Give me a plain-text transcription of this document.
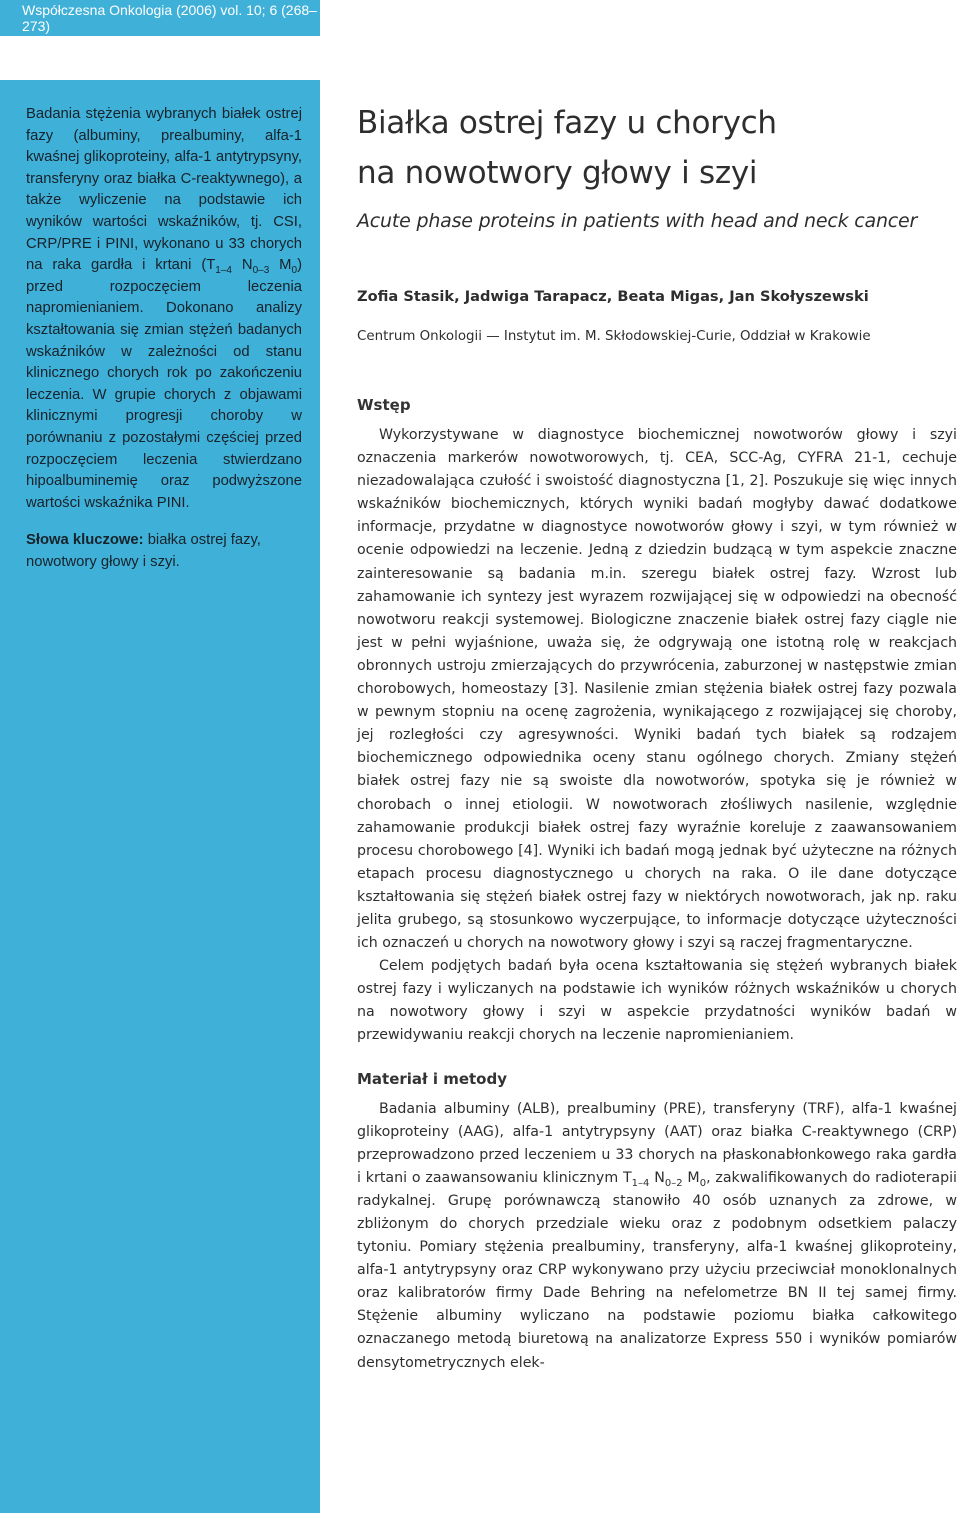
Współczesna Onkologia (2006) vol. 10; 6 (268–273)

Badania stężenia wybranych białek ostrej fazy (albuminy, prealbuminy, alfa-1 kwaśnej glikoproteiny, alfa-1 antytrypsyny, transferyny oraz białka C-reaktywnego), a także wyliczenie na podstawie ich wyników wartości wskaźników, tj. CSI, CRP/PRE i PINI, wykonano u 33 chorych na raka gardła i krtani ($T_{1-4}$ $N_{0-3}$ $M_0$) przed rozpoczęciem leczenia napromienianiem. Dokonano analizy kształtowania się zmian stężeń badanych wskaźników w zależności od stanu klinicznego chorych rok po zakończeniu leczenia. W grupie chorych z objawami klinicznymi progresji choroby w porównaniu z pozostałymi częściej przed rozpoczęciem leczenia stwierdzano hipoalbuminemię oraz podwyższone wartości wskaźnika PINI.

Słowa kluczowe: białka ostrej fazy, nowotwory głowy i szyi.

Białka ostrej fazy u chorych
na nowotwory głowy i szyi

Acute phase proteins in patients with head and neck cancer

Zofia Stasik, Jadwiga Tarapacz, Beata Migas, Jan Skołyszewski

Centrum Onkologii — Instytut im. M. Skłodowskiej-Curie, Oddział w Krakowie

Wstęp

Wykorzystywane w diagnostyce biochemicznej nowotworów głowy i szyi oznaczenia markerów nowotworowych, tj. CEA, SCC-Ag, CYFRA 21-1, cechuje niezadowalająca czułość i swoistość diagnostyczna [1, 2]. Poszukuje się więc innych wskaźników biochemicznych, których wyniki badań mogłyby dawać dodatkowe informacje, przydatne w diagnostyce nowotworów głowy i szyi, w tym również w ocenie odpowiedzi na leczenie. Jedną z dziedzin budzącą w tym aspekcie znaczne zainteresowanie są badania m.in. szeregu białek ostrej fazy. Wzrost lub zahamowanie ich syntezy jest wyrazem rozwijającej się w odpowiedzi na obecność nowotworu reakcji systemowej. Biologiczne znaczenie białek ostrej fazy ciągle nie jest w pełni wyjaśnione, uważa się, że odgrywają one istotną rolę w reakcjach obronnych ustroju zmierzających do przywrócenia, zaburzonej w następstwie zmian chorobowych, homeostazy [3]. Nasilenie zmian stężenia białek ostrej fazy pozwala w pewnym stopniu na ocenę zagrożenia, wynikającego z rozwijającej się choroby, jej rozległości czy agresywności. Wyniki badań tych białek są rodzajem biochemicznego odpowiednika oceny stanu ogólnego chorych. Zmiany stężeń białek ostrej fazy nie są swoiste dla nowotworów, spotyka się je również w chorobach o innej etiologii. W nowotworach złośliwych nasilenie, względnie zahamowanie produkcji białek ostrej fazy wyraźnie koreluje z zaawansowaniem procesu chorobowego [4]. Wyniki ich badań mogą jednak być użyteczne na różnych etapach procesu diagnostycznego u chorych na raka. O ile dane dotyczące kształtowania się stężeń białek ostrej fazy w niektórych nowotworach, jak np. raku jelita grubego, są stosunkowo wyczerpujące, to informacje dotyczące użyteczności ich oznaczeń u chorych na nowotwory głowy i szyi są raczej fragmentaryczne.

Celem podjętych badań była ocena kształtowania się stężeń wybranych białek ostrej fazy i wyliczanych na podstawie ich wyników różnych wskaźników u chorych na nowotwory głowy i szyi w aspekcie przydatności wyników badań w przewidywaniu reakcji chorych na leczenie napromienianiem.

Materiał i metody

Badania albuminy (ALB), prealbuminy (PRE), transferyny (TRF), alfa-1 kwaśnej glikoproteiny (AAG), alfa-1 antytrypsyny (AAT) oraz białka C-reaktywnego (CRP) przeprowadzono przed leczeniem u 33 chorych na płaskonabłonkowego raka gardła i krtani o zaawansowaniu klinicznym $T_{1-4}$ $N_{0-2}$ $M_0$, zakwalifikowanych do radioterapii radykalnej. Grupę porównawczą stanowiło 40 osób uznanych za zdrowe, w zbliżonym do chorych przedziale wieku oraz z podobnym odsetkiem palaczy tytoniu. Pomiary stężenia prealbuminy, transferyny, alfa-1 kwaśnej glikoproteiny, alfa-1 antytrypsyny oraz CRP wykonywano przy użyciu przeciwciał monoklonalnych oraz kalibratorów firmy Dade Behring na nefelometrze BN II tej samej firmy. Stężenie albuminy wyliczano na podstawie poziomu białka całkowitego oznaczanego metodą biuretową na analizatorze Express 550 i wyników pomiarów densytometrycznych elek-
